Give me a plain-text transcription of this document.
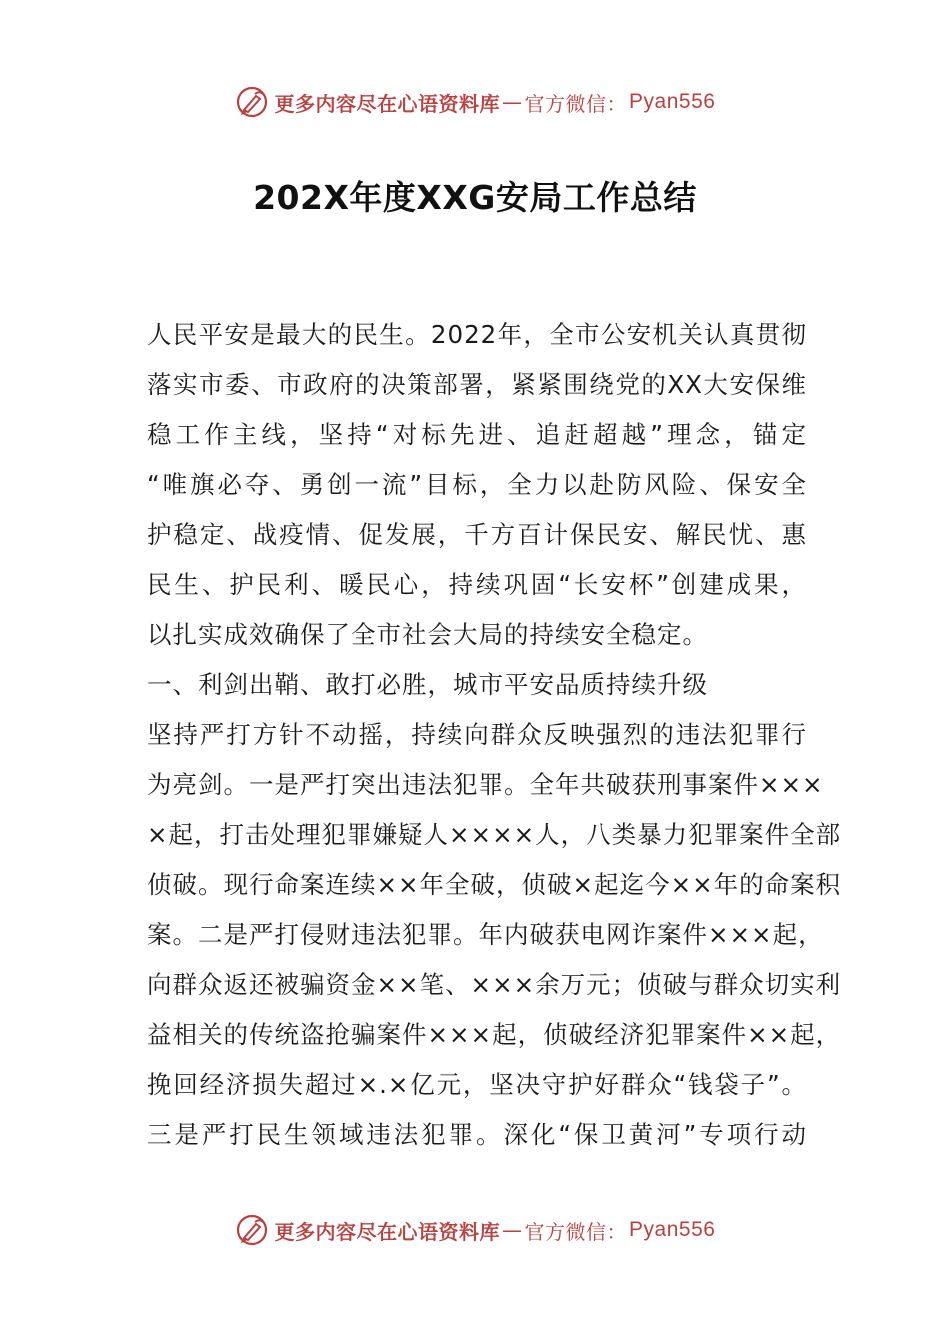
更多内容尽在心语资料库 — 官方微信： Pyan556
202X年度XXG安局工作总结
人民平安是最大的民生。2022年，全市公安机关认真贯彻
落实市委、市政府的决策部署，紧紧围绕党的XX大安保维
稳工作主线，坚持“对标先进、追赶超越”理念，锚定
“唯旗必夺、勇创一流”目标，全力以赴防风险、保安全
护稳定、战疫情、促发展，千方百计保民安、解民忧、惠
民生、护民利、暖民心，持续巩固“长安杯”创建成果，
以扎实成效确保了全市社会大局的持续安全稳定。
一、利剑出鞘、敢打必胜，城市平安品质持续升级
坚持严打方针不动摇，持续向群众反映强烈的违法犯罪行
为亮剑。一是严打突出违法犯罪。全年共破获刑事案件×××
×起，打击处理犯罪嫌疑人××××人，八类暴力犯罪案件全部
侦破。现行命案连续××年全破，侦破×起迄今××年的命案积
案。二是严打侵财违法犯罪。年内破获电网诈案件×××起，
向群众返还被骗资金××笔、×××余万元；侦破与群众切实利
益相关的传统盗抢骗案件×××起，侦破经济犯罪案件××起，
挽回经济损失超过×.×亿元，坚决守护好群众“钱袋子”。
三是严打民生领域违法犯罪。深化“保卫黄河”专项行动
更多内容尽在心语资料库 — 官方微信： Pyan556
